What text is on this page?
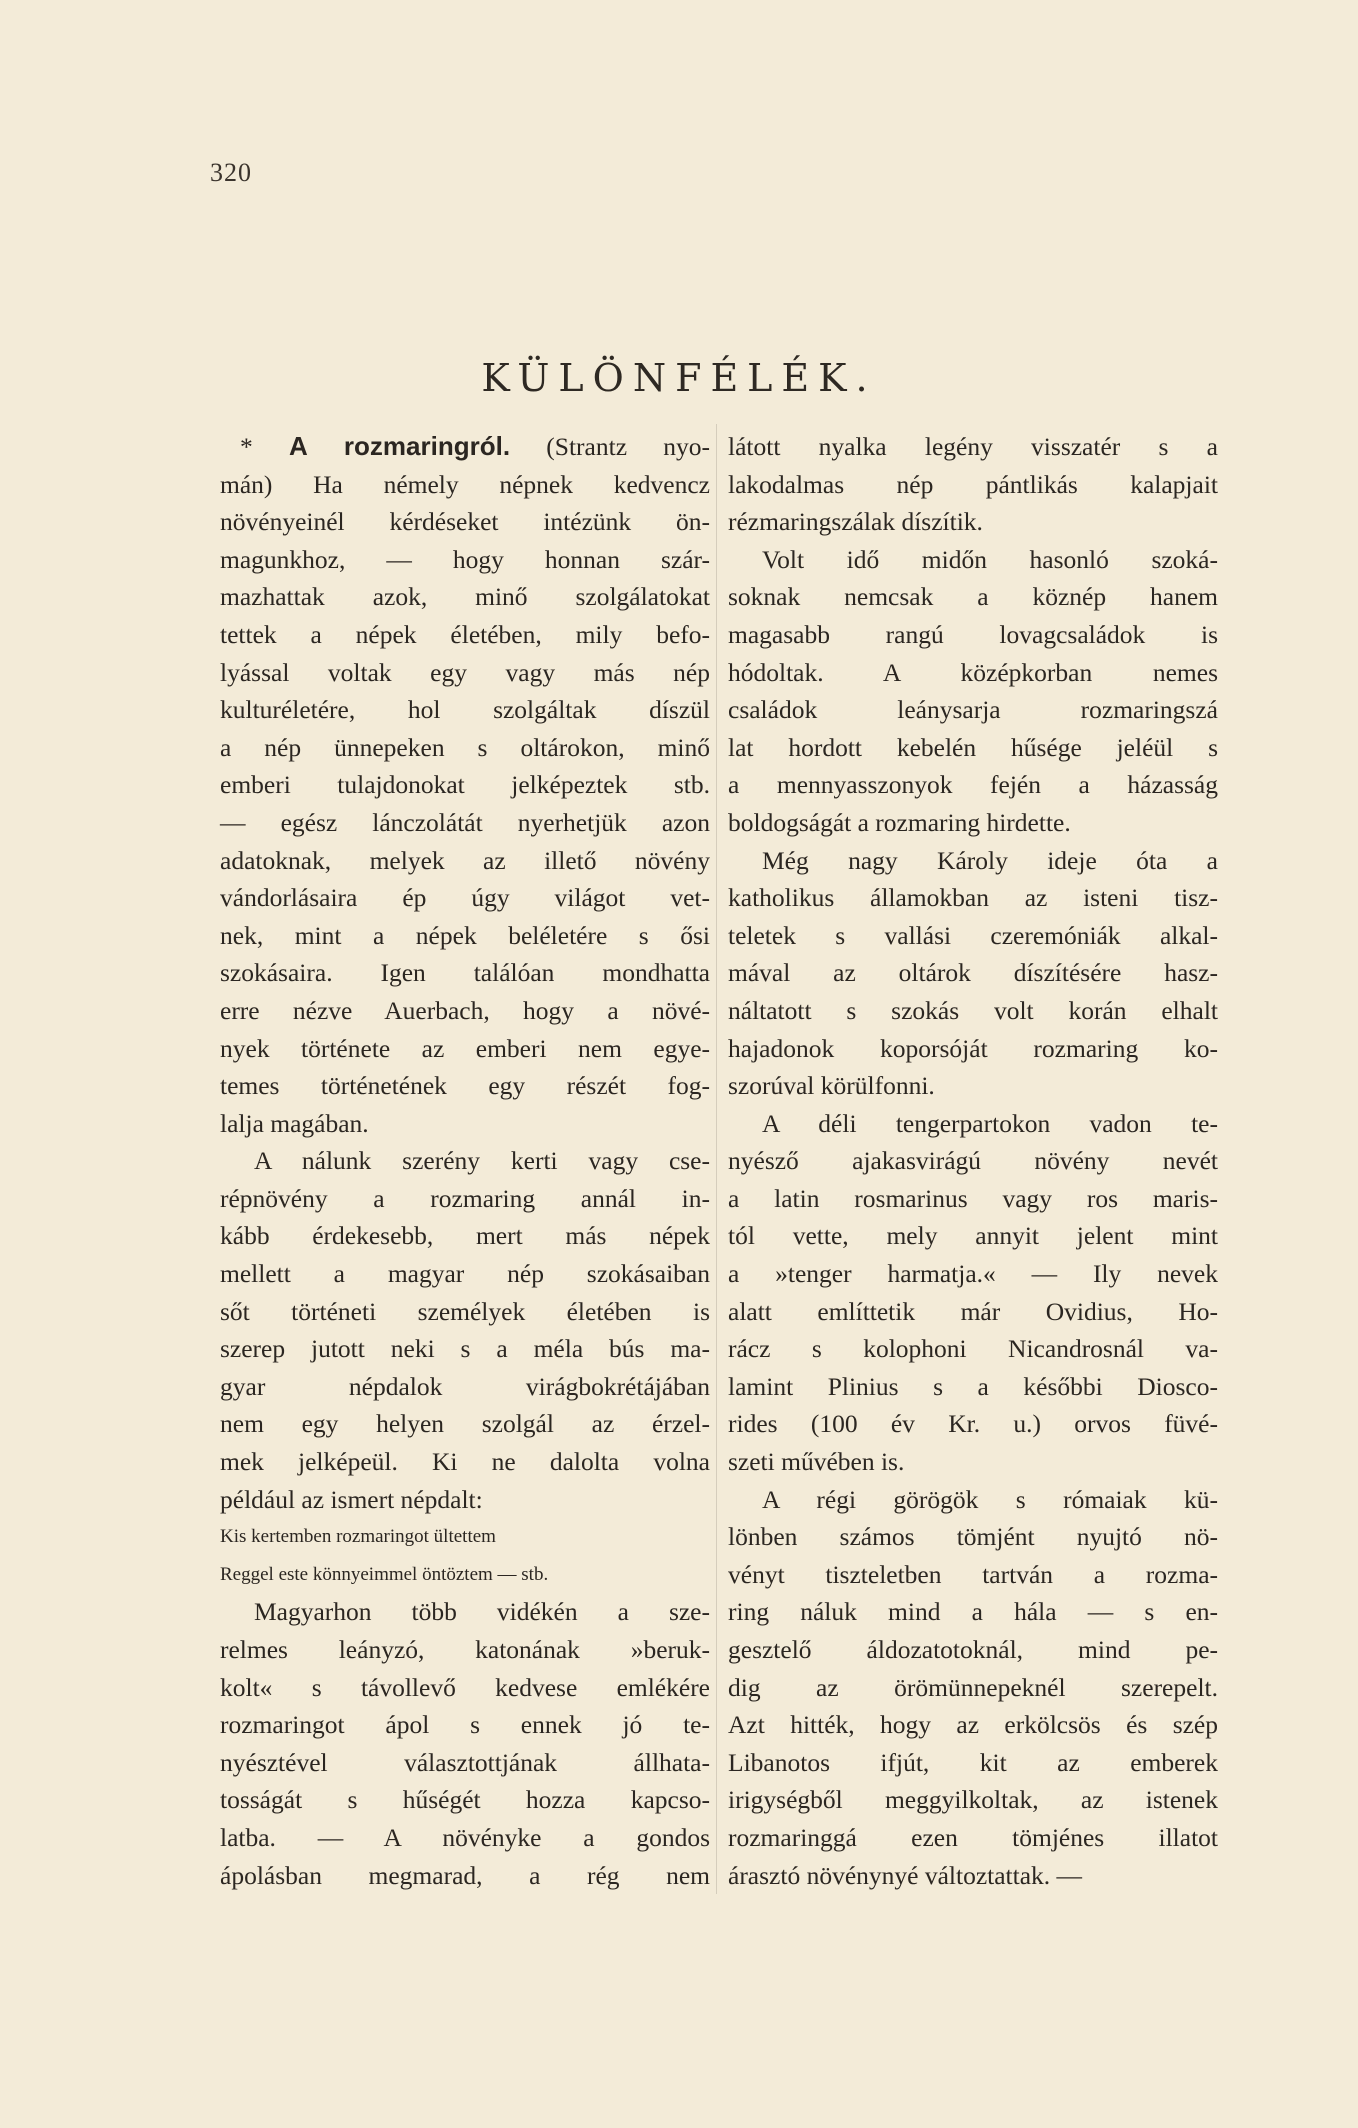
320
KÜLÖNFÉLÉK.
* A rozmaringról. (Strantz nyo-
mán) Ha némely népnek kedvencz
növényeinél kérdéseket intézünk ön-
magunkhoz, — hogy honnan szár-
mazhattak azok, minő szolgálatokat
tettek a népek életében, mily befo-
lyással voltak egy vagy más nép
kulturéletére, hol szolgáltak díszül
a nép ünnepeken s oltárokon, minő
emberi tulajdonokat jelképeztek stb.
— egész lánczolátát nyerhetjük azon
adatoknak, melyek az illető növény
vándorlásaira ép úgy világot vet-
nek, mint a népek beléletére s ősi
szokásaira. Igen találóan mondhatta
erre nézve Auerbach, hogy a növé-
nyek története az emberi nem egye-
temes történetének egy részét fog-
lalja magában.
A nálunk szerény kerti vagy cse-
répnövény a rozmaring annál in-
kább érdekesebb, mert más népek
mellett a magyar nép szokásaiban
sőt történeti személyek életében is
szerep jutott neki s a méla bús ma-
gyar népdalok virágbokrétájában
nem egy helyen szolgál az érzel-
mek jelképeül. Ki ne dalolta volna
például az ismert népdalt:
Kis kertemben rozmaringot ültettem
Reggel este könnyeimmel öntöztem — stb.
Magyarhon több vidékén a sze-
relmes leányzó, katonának »beruk-
kolt« s távollevő kedvese emlékére
rozmaringot ápol s ennek jó te-
nyésztével választottjának állhata-
tosságát s hűségét hozza kapcso-
latba. — A növényke a gondos
ápolásban megmarad, a rég nem
látott nyalka legény visszatér s a
lakodalmas nép pántlikás kalapjait
rézmaringszálak díszítik.
Volt idő midőn hasonló szoká-
soknak nemcsak a köznép hanem
magasabb rangú lovagcsaládok is
hódoltak. A középkorban nemes
családok leánysarja rozmaringszá
lat hordott kebelén hűsége jeléül s
a mennyasszonyok fején a házasság
boldogságát a rozmaring hirdette.
Még nagy Károly ideje óta a
katholikus államokban az isteni tisz-
teletek s vallási czeremóniák alkal-
mával az oltárok díszítésére hasz-
náltatott s szokás volt korán elhalt
hajadonok koporsóját rozmaring ko-
szorúval körülfonni.
A déli tengerpartokon vadon te-
nyésző ajakasvirágú növény nevét
a latin rosmarinus vagy ros maris-
tól vette, mely annyit jelent mint
a »tenger harmatja.« — Ily nevek
alatt említtetik már Ovidius, Ho-
rácz s kolophoni Nicandrosnál va-
lamint Plinius s a későbbi Diosco-
rides (100 év Kr. u.) orvos füvé-
szeti művében is.
A régi görögök s rómaiak kü-
lönben számos tömjént nyujtó nö-
vényt tiszteletben tartván a rozma-
ring náluk mind a hála — s en-
gesztelő áldozatotoknál, mind pe-
dig az örömünnepeknél szerepelt.
Azt hitték, hogy az erkölcsös és szép
Libanotos ifjút, kit az emberek
irigységből meggyilkoltak, az istenek
rozmaringgá ezen tömjénes illatot
árasztó növénynyé változtattak. —
